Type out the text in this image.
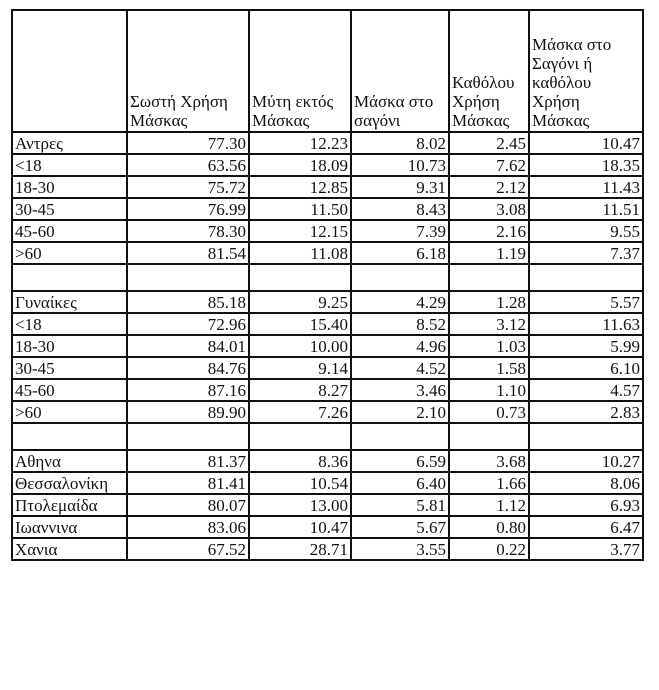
	Σωστή Χρήση Μάσκας	Μύτη εκτός Μάσκας	Μάσκα στο σαγόνι	Καθόλου Χρήση Μάσκας	Μάσκα στο Σαγόνι ή καθόλου Χρήση Μάσκας
Αντρες	77.30	12.23	8.02	2.45	10.47
<18	63.56	18.09	10.73	7.62	18.35
18-30	75.72	12.85	9.31	2.12	11.43
30-45	76.99	11.50	8.43	3.08	11.51
45-60	78.30	12.15	7.39	2.16	9.55
>60	81.54	11.08	6.18	1.19	7.37

Γυναίκες	85.18	9.25	4.29	1.28	5.57
<18	72.96	15.40	8.52	3.12	11.63
18-30	84.01	10.00	4.96	1.03	5.99
30-45	84.76	9.14	4.52	1.58	6.10
45-60	87.16	8.27	3.46	1.10	4.57
>60	89.90	7.26	2.10	0.73	2.83

Αθηνα	81.37	8.36	6.59	3.68	10.27
Θεσσαλονίκη	81.41	10.54	6.40	1.66	8.06
Πτολεμαίδα	80.07	13.00	5.81	1.12	6.93
Ιωαννινα	83.06	10.47	5.67	0.80	6.47
Χανια	67.52	28.71	3.55	0.22	3.77
